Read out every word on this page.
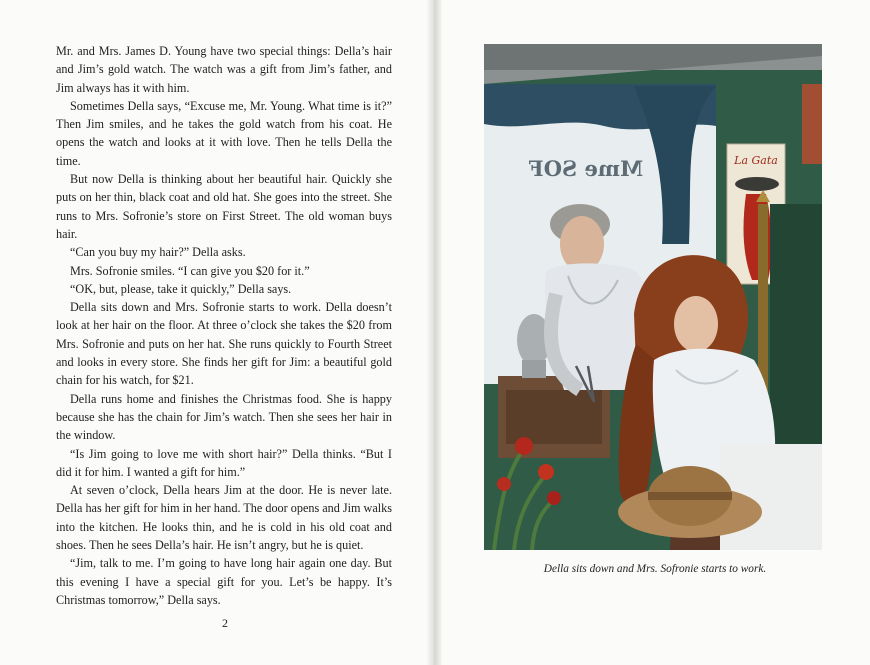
Mr. and Mrs. James D. Young have two special things: Della’s hair and Jim’s gold watch. The watch was a gift from Jim’s father, and Jim always has it with him.

Sometimes Della says, “Excuse me, Mr. Young. What time is it?” Then Jim smiles, and he takes the gold watch from his coat. He opens the watch and looks at it with love. Then he tells Della the time.

But now Della is thinking about her beautiful hair. Quickly she puts on her thin, black coat and old hat. She goes into the street. She runs to Mrs. Sofronie’s store on First Street. The old woman buys hair.

“Can you buy my hair?” Della asks.

Mrs. Sofronie smiles. “I can give you $20 for it.”

“OK, but, please, take it quickly,” Della says.

Della sits down and Mrs. Sofronie starts to work. Della doesn’t look at her hair on the floor. At three o’clock she takes the $20 from Mrs. Sofronie and puts on her hat. She runs quickly to Fourth Street and looks in every store. She finds her gift for Jim: a beautiful gold chain for his watch, for $21.

Della runs home and finishes the Christmas food. She is happy because she has the chain for Jim’s watch. Then she sees her hair in the window.

“Is Jim going to love me with short hair?” Della thinks. “But I did it for him. I wanted a gift for him.”

At seven o’clock, Della hears Jim at the door. He is never late. Della has her gift for him in her hand. The door opens and Jim walks into the kitchen. He looks thin, and he is cold in his old coat and shoes. Then he sees Della’s hair. He isn’t angry, but he is quiet.

“Jim, talk to me. I’m going to have long hair again one day. But this evening I have a special gift for you. Let’s be happy. It’s Christmas tomorrow,” Della says.

2
Mme SOF	La Gata
Della sits down and Mrs. Sofronie starts to work.
